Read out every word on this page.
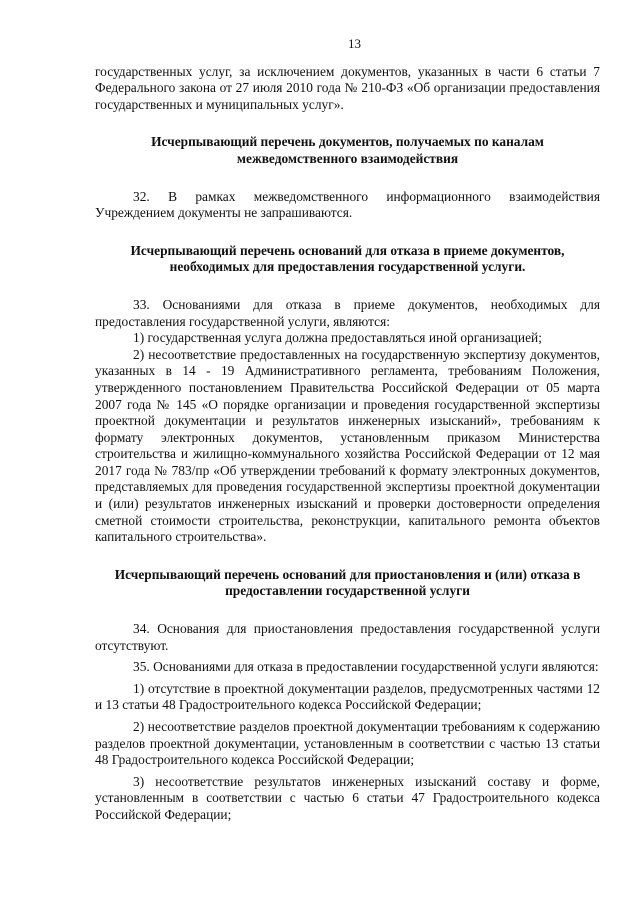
13

государственных услуг, за исключением документов, указанных в части 6 статьи 7 Федерального закона от 27 июля 2010 года № 210-ФЗ «Об организации предоставления государственных и муниципальных услуг».

Исчерпывающий перечень документов, получаемых по каналам межведомственного взаимодействия

32. В рамках межведомственного информационного взаимодействия Учреждением документы не запрашиваются.

Исчерпывающий перечень оснований для отказа в приеме документов, необходимых для предоставления государственной услуги.

33. Основаниями для отказа в приеме документов, необходимых для предоставления государственной услуги, являются:

1) государственная услуга должна предоставляться иной организацией;

2) несоответствие предоставленных на государственную экспертизу документов, указанных в 14 - 19 Административного регламента, требованиям Положения, утвержденного постановлением Правительства Российской Федерации от 05 марта 2007 года № 145 «О порядке организации и проведения государственной экспертизы проектной документации и результатов инженерных изысканий», требованиям к формату электронных документов, установленным приказом Министерства строительства и жилищно-коммунального хозяйства Российской Федерации от 12 мая 2017 года № 783/пр «Об утверждении требований к формату электронных документов, представляемых для проведения государственной экспертизы проектной документации и (или) результатов инженерных изысканий и проверки достоверности определения сметной стоимости строительства, реконструкции, капитального ремонта объектов капитального строительства».

Исчерпывающий перечень оснований для приостановления и (или) отказа в предоставлении государственной услуги

34. Основания для приостановления предоставления государственной услуги отсутствуют.

35. Основаниями для отказа в предоставлении государственной услуги являются:

1) отсутствие в проектной документации разделов, предусмотренных частями 12 и 13 статьи 48 Градостроительного кодекса Российской Федерации;

2) несоответствие разделов проектной документации требованиям к содержанию разделов проектной документации, установленным в соответствии с частью 13 статьи 48 Градостроительного кодекса Российской Федерации;

3) несоответствие результатов инженерных изысканий составу и форме, установленным в соответствии с частью 6 статьи 47 Градостроительного кодекса Российской Федерации;
